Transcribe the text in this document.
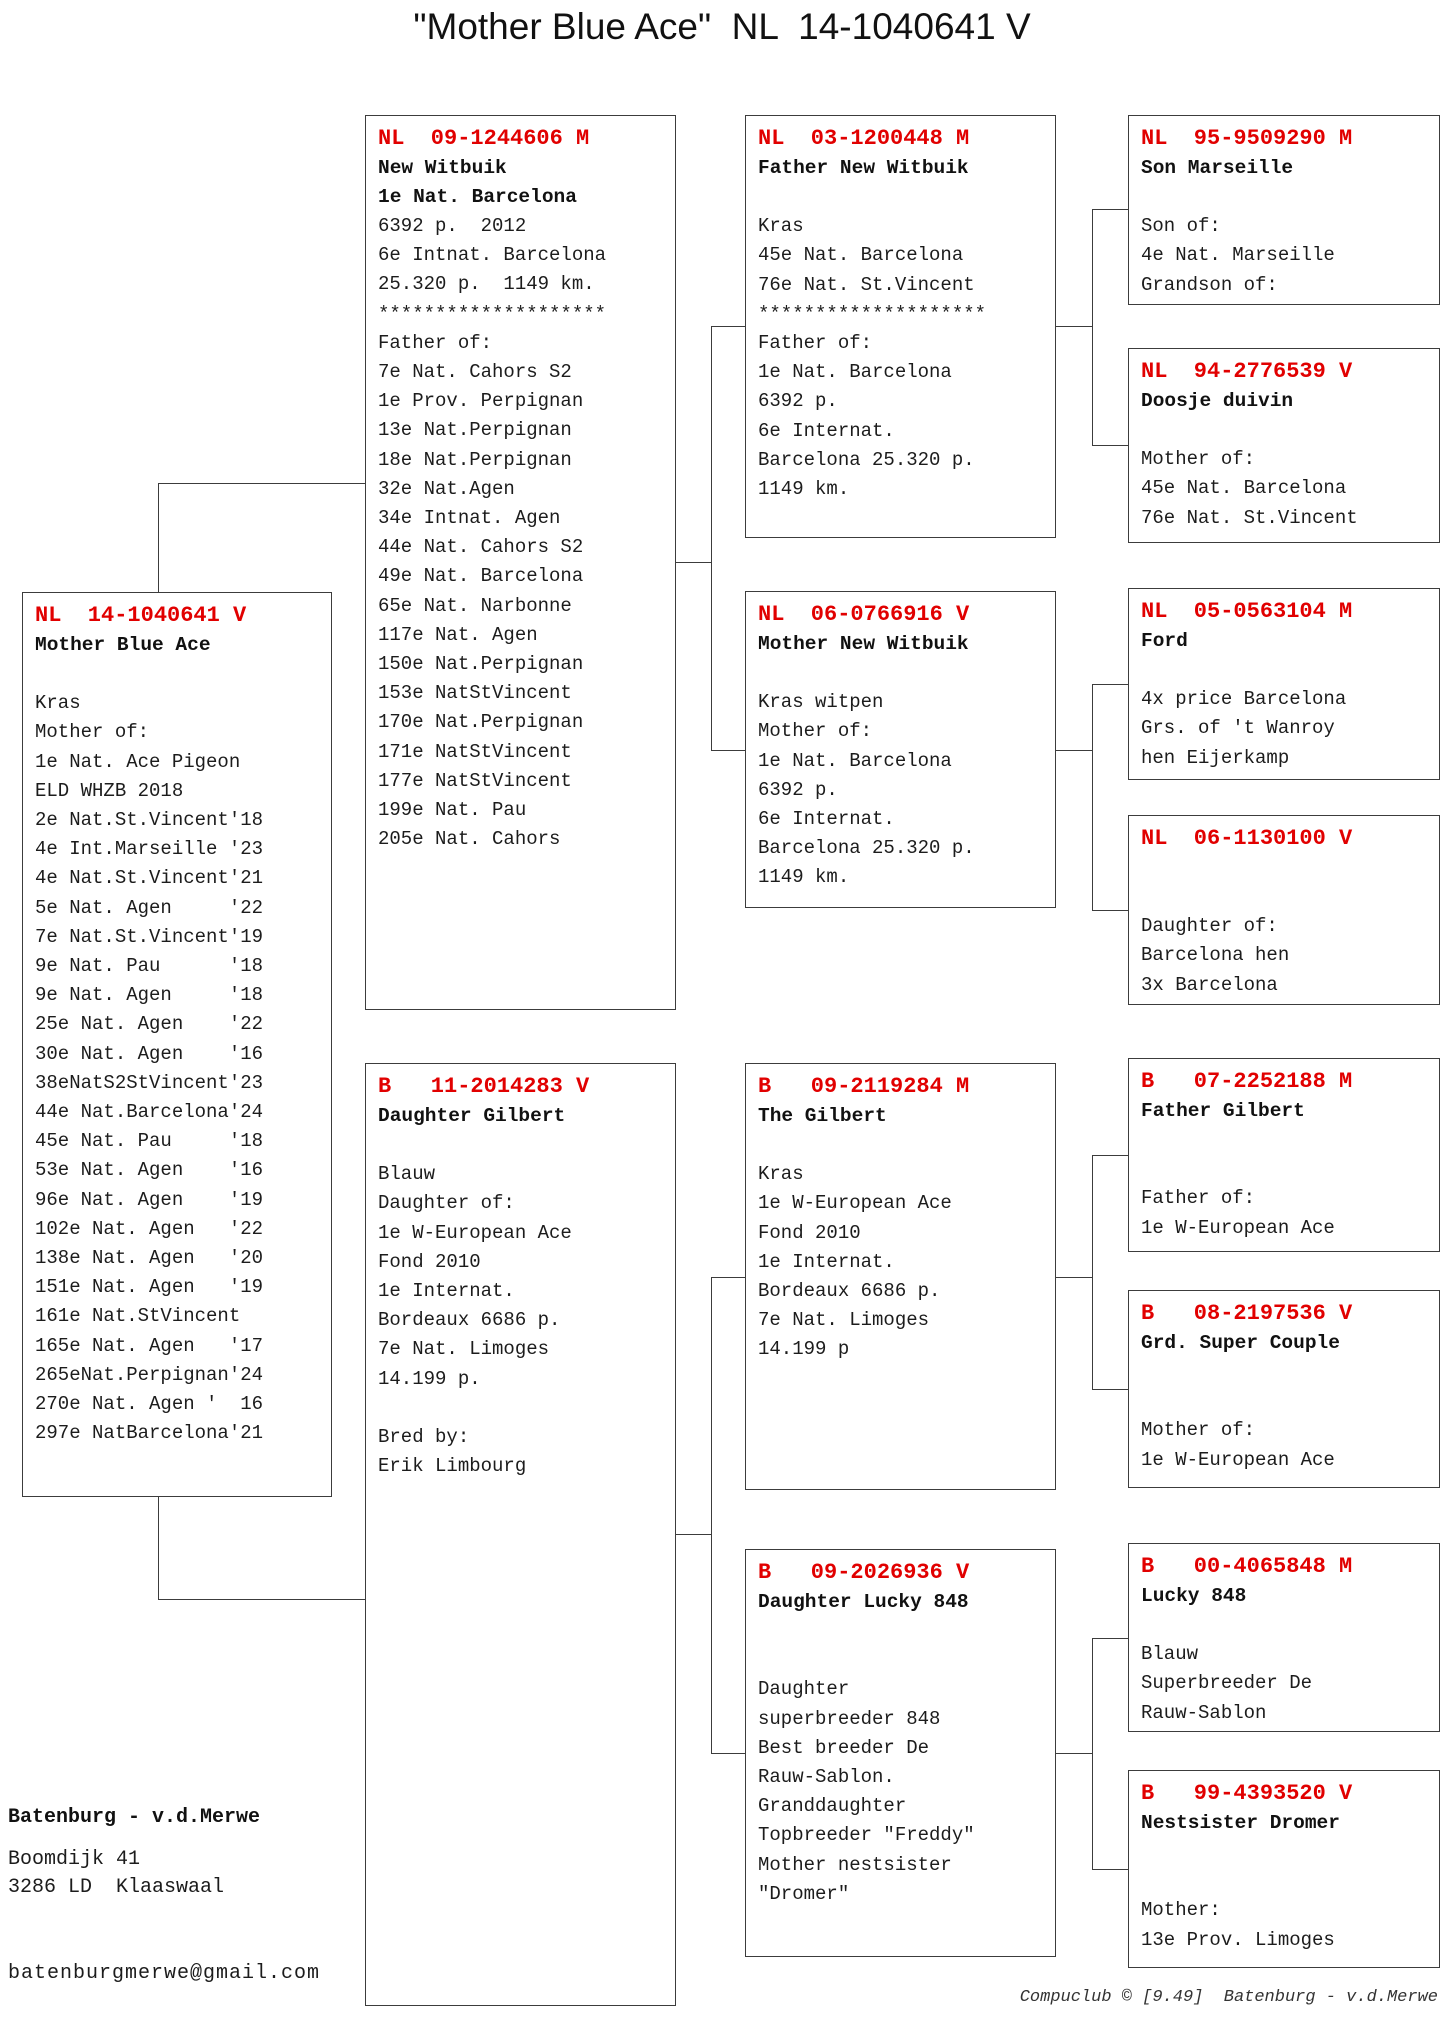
"Mother Blue Ace"  NL  14-1040641 V
NL  14-1040641 V
Mother Blue Ace

Kras
Mother of:
1e Nat. Ace Pigeon
ELD WHZB 2018
2e Nat.St.Vincent'18
4e Int.Marseille '23
4e Nat.St.Vincent'21
5e Nat. Agen     '22
7e Nat.St.Vincent'19
9e Nat. Pau      '18
9e Nat. Agen     '18
25e Nat. Agen    '22
30e Nat. Agen    '16
38eNatS2StVincent'23
44e Nat.Barcelona'24
45e Nat. Pau     '18
53e Nat. Agen    '16
96e Nat. Agen    '19
102e Nat. Agen   '22
138e Nat. Agen   '20
151e Nat. Agen   '19
161e Nat.StVincent
165e Nat. Agen   '17
265eNat.Perpignan'24
270e Nat. Agen '  16
297e NatBarcelona'21
NL  09-1244606 M
New Witbuik
1e Nat. Barcelona
6392 p.  2012
6e Intnat. Barcelona
25.320 p.  1149 km.
********************
Father of:
7e Nat. Cahors S2
1e Prov. Perpignan
13e Nat.Perpignan
18e Nat.Perpignan
32e Nat.Agen
34e Intnat. Agen
44e Nat. Cahors S2
49e Nat. Barcelona
65e Nat. Narbonne
117e Nat. Agen
150e Nat.Perpignan
153e NatStVincent
170e Nat.Perpignan
171e NatStVincent
177e NatStVincent
199e Nat. Pau
205e Nat. Cahors
B   11-2014283 V
Daughter Gilbert

Blauw
Daughter of:
1e W-European Ace
Fond 2010
1e Internat.
Bordeaux 6686 p.
7e Nat. Limoges
14.199 p.

Bred by:
Erik Limbourg
NL  03-1200448 M
Father New Witbuik

Kras
45e Nat. Barcelona
76e Nat. St.Vincent
********************
Father of:
1e Nat. Barcelona
6392 p.
6e Internat.
Barcelona 25.320 p.
1149 km.
NL  06-0766916 V
Mother New Witbuik

Kras witpen
Mother of:
1e Nat. Barcelona
6392 p.
6e Internat.
Barcelona 25.320 p.
1149 km.
B   09-2119284 M
The Gilbert

Kras
1e W-European Ace
Fond 2010
1e Internat.
Bordeaux 6686 p.
7e Nat. Limoges
14.199 p
B   09-2026936 V
Daughter Lucky 848

Daughter
superbreeder 848
Best breeder De
Rauw-Sablon.
Granddaughter
Topbreeder "Freddy"
Mother nestsister
"Dromer"
NL  95-9509290 M
Son Marseille

Son of:
4e Nat. Marseille
Grandson of:
NL  94-2776539 V
Doosje duivin

Mother of:
45e Nat. Barcelona
76e Nat. St.Vincent
NL  05-0563104 M
Ford

4x price Barcelona
Grs. of 't Wanroy
hen Eijerkamp
NL  06-1130100 V

Daughter of:
Barcelona hen
3x Barcelona
B   07-2252188 M
Father Gilbert

Father of:
1e W-European Ace
B   08-2197536 V
Grd. Super Couple

Mother of:
1e W-European Ace
B   00-4065848 M
Lucky 848

Blauw
Superbreeder De
Rauw-Sablon
B   99-4393520 V
Nestsister Dromer

Mother:
13e Prov. Limoges
Batenburg - v.d.Merwe
Boomdijk 41
3286 LD  Klaaswaal
batenburgmerwe@gmail.com
Compuclub © [9.49]  Batenburg - v.d.Merwe
